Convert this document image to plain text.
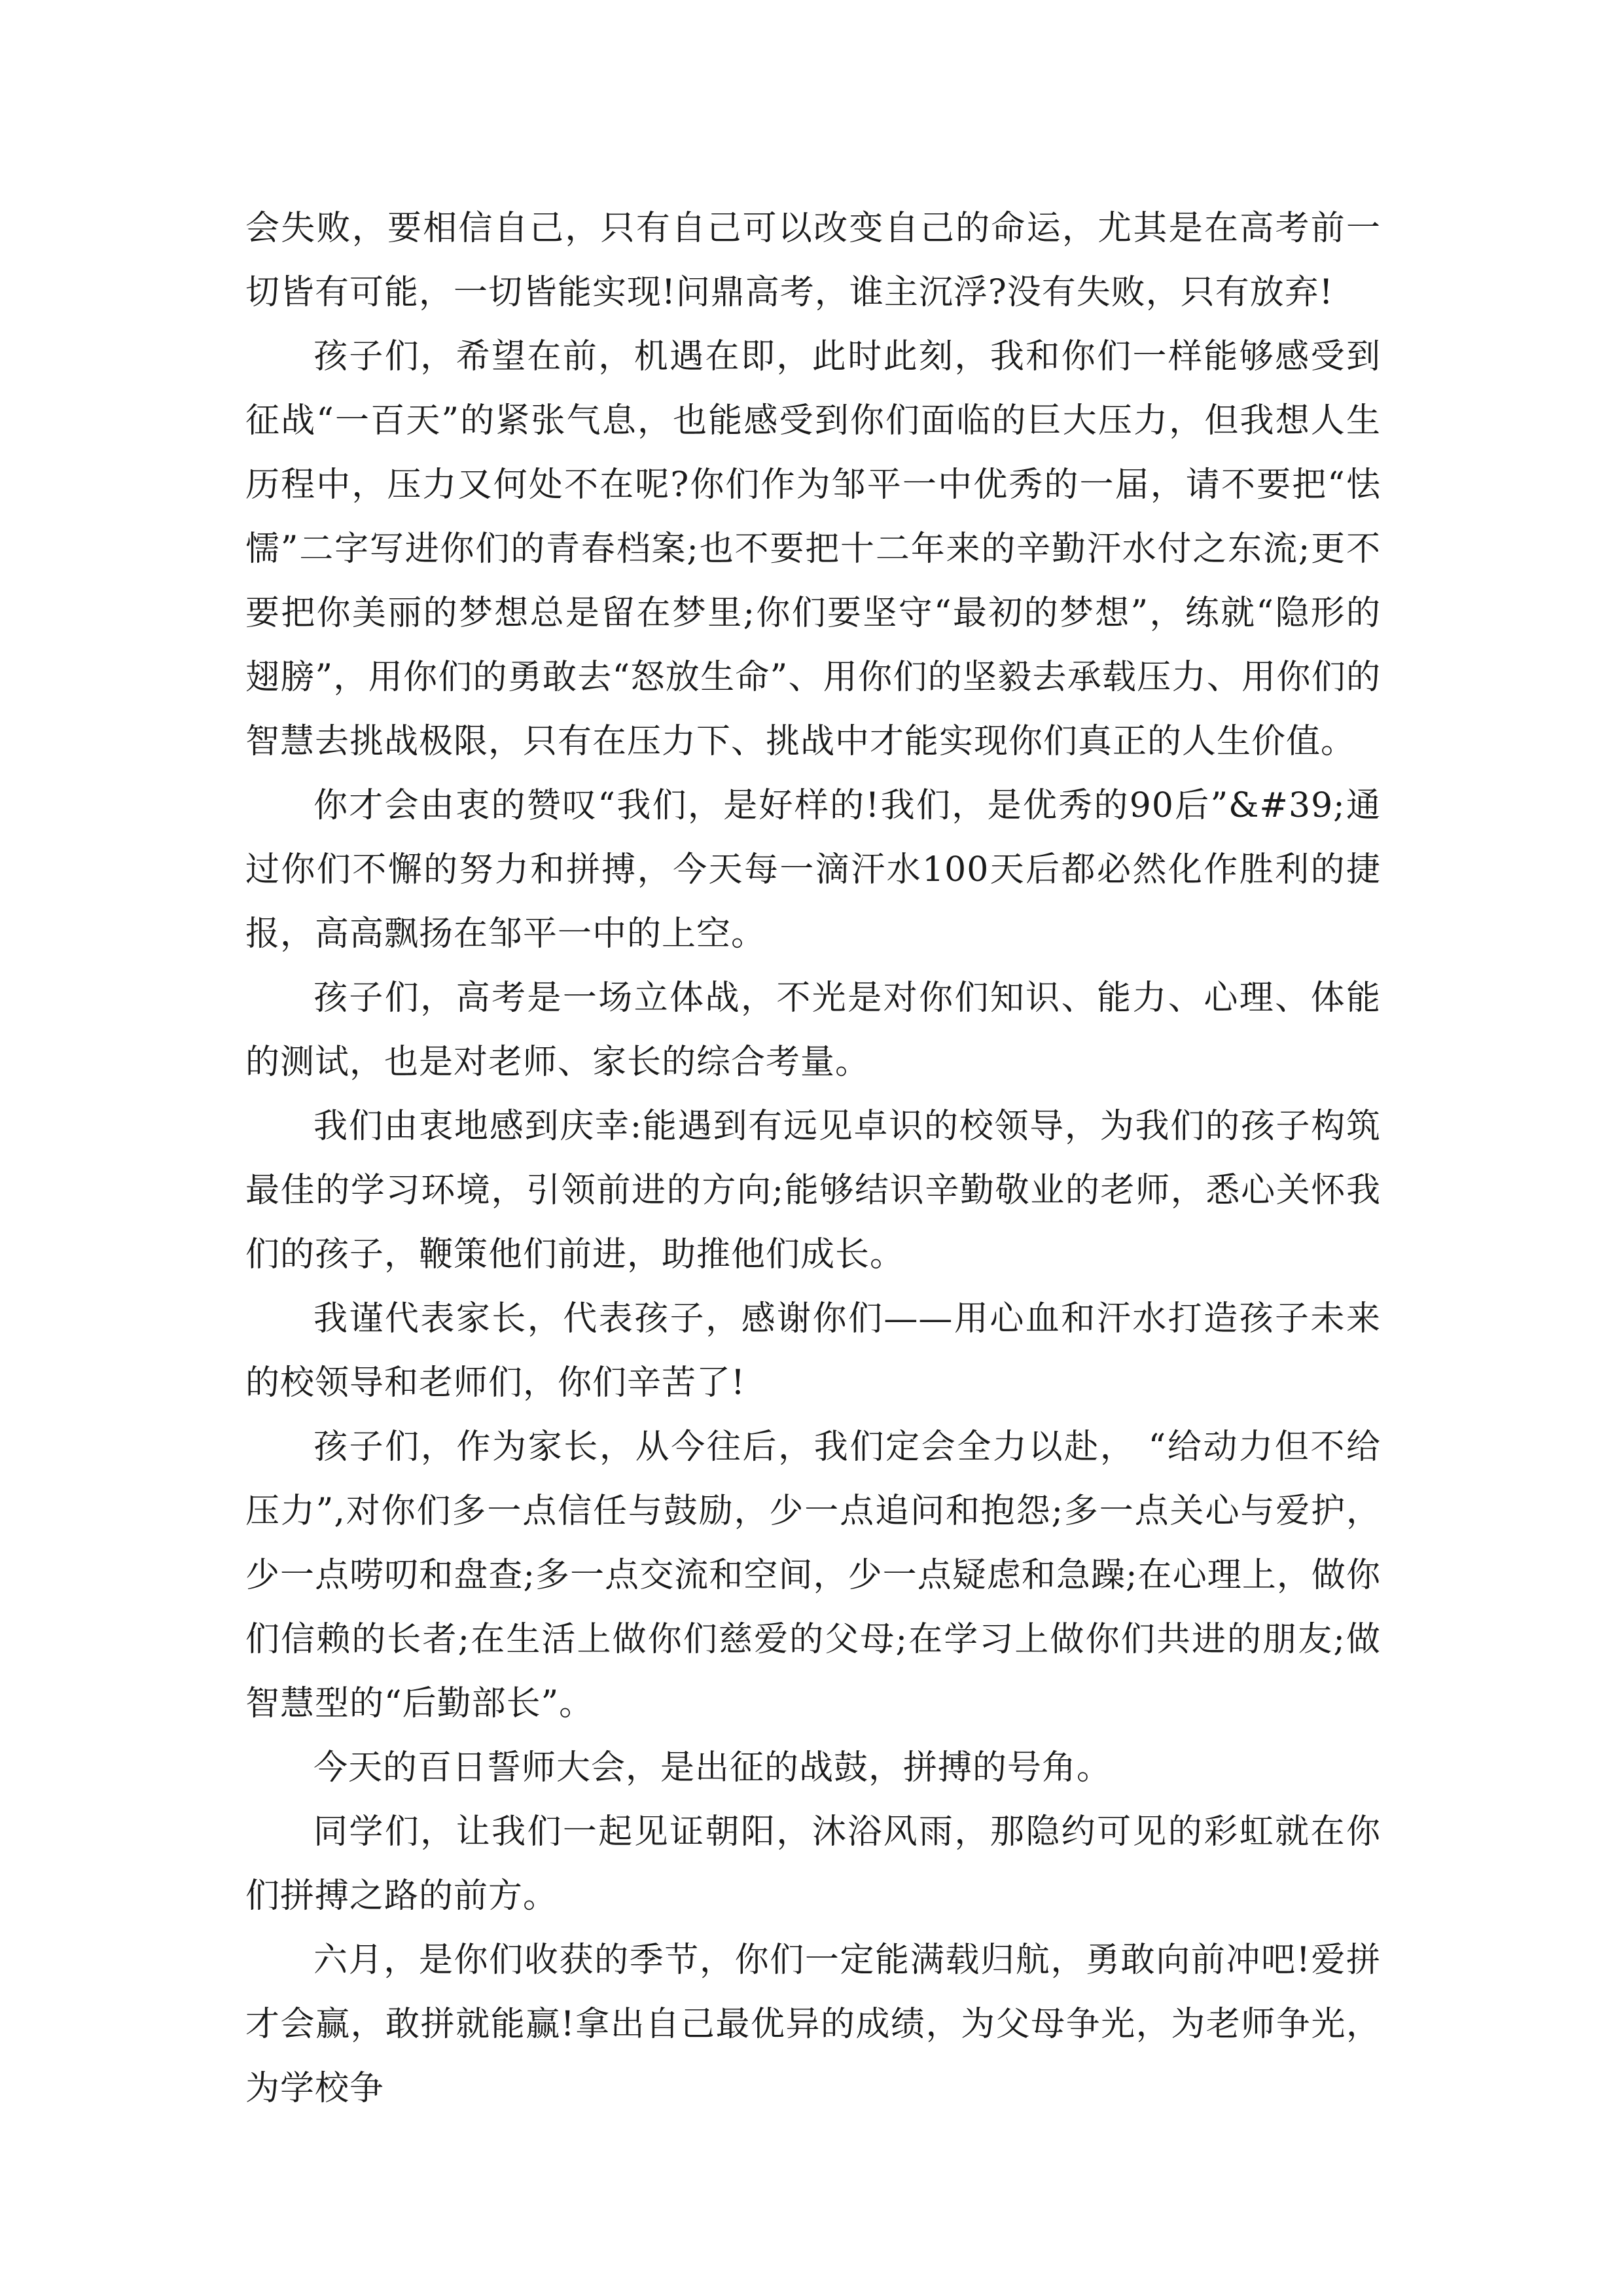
会失败，要相信自己，只有自己可以改变自己的命运，尤其是在高考前一切皆有可能，一切皆能实现!问鼎高考，谁主沉浮?没有失败，只有放弃!

孩子们，希望在前，机遇在即，此时此刻，我和你们一样能够感受到征战“一百天”的紧张气息，也能感受到你们面临的巨大压力，但我想人生历程中，压力又何处不在呢?你们作为邹平一中优秀的一届，请不要把“怯懦”二字写进你们的青春档案;也不要把十二年来的辛勤汗水付之东流;更不要把你美丽的梦想总是留在梦里;你们要坚守“最初的梦想”，练就“隐形的翅膀”，用你们的勇敢去“怒放生命”、用你们的坚毅去承载压力、用你们的智慧去挑战极限，只有在压力下、挑战中才能实现你们真正的人生价值。

你才会由衷的赞叹“我们，是好样的!我们，是优秀的90后”&#39;通过你们不懈的努力和拼搏，今天每一滴汗水100天后都必然化作胜利的捷报，高高飘扬在邹平一中的上空。

孩子们，高考是一场立体战，不光是对你们知识、能力、心理、体能的测试，也是对老师、家长的综合考量。

我们由衷地感到庆幸:能遇到有远见卓识的校领导，为我们的孩子构筑最佳的学习环境，引领前进的方向;能够结识辛勤敬业的老师，悉心关怀我们的孩子，鞭策他们前进，助推他们成长。

我谨代表家长，代表孩子，感谢你们——用心血和汗水打造孩子未来的校领导和老师们，你们辛苦了!

孩子们，作为家长，从今往后，我们定会全力以赴， “给动力但不给压力”,对你们多一点信任与鼓励，少一点追问和抱怨;多一点关心与爱护，少一点唠叨和盘查;多一点交流和空间，少一点疑虑和急躁;在心理上，做你们信赖的长者;在生活上做你们慈爱的父母;在学习上做你们共进的朋友;做智慧型的“后勤部长”。

今天的百日誓师大会，是出征的战鼓，拼搏的号角。

同学们，让我们一起见证朝阳，沐浴风雨，那隐约可见的彩虹就在你们拼搏之路的前方。

六月，是你们收获的季节，你们一定能满载归航，勇敢向前冲吧!爱拼才会赢，敢拼就能赢!拿出自己最优异的成绩，为父母争光，为老师争光，为学校争
